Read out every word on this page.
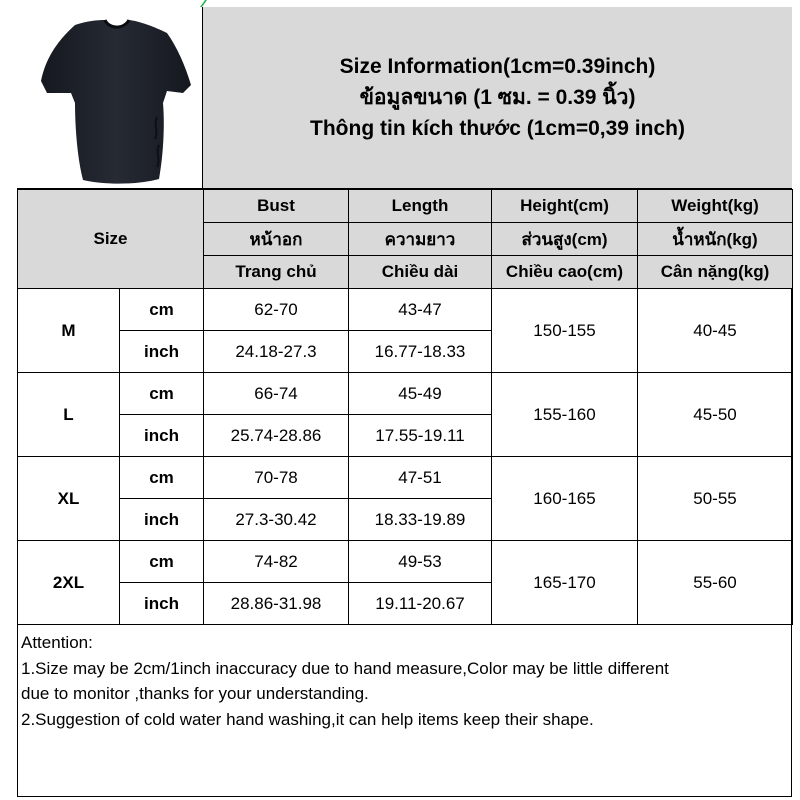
Size Information(1cm=0.39inch)
ข้อมูลขนาด (1 ซม. = 0.39 นิ้ว)
Thông tin kích thước (1cm=0,39 inch)
Size		Bust	Length	Height(cm)	Weight(kg)
		หน้าอก	ความยาว	ส่วนสูง(cm)	น้ำหนัก(kg)
		Trang chủ	Chiều dài	Chiều cao(cm)	Cân nặng(kg)
M	cm	62-70	43-47	150-155	40-45
	inch	24.18-27.3	16.77-18.33		
L	cm	66-74	45-49	155-160	45-50
	inch	25.74-28.86	17.55-19.11		
XL	cm	70-78	47-51	160-165	50-55
	inch	27.3-30.42	18.33-19.89		
2XL	cm	74-82	49-53	165-170	55-60
	inch	28.86-31.98	19.11-20.67		

Attention:

1.Size may be 2cm/1inch inaccuracy due to hand measure,Color may be little different

due to monitor ,thanks for your understanding.

2.Suggestion of cold water hand washing,it can help items keep their shape.
